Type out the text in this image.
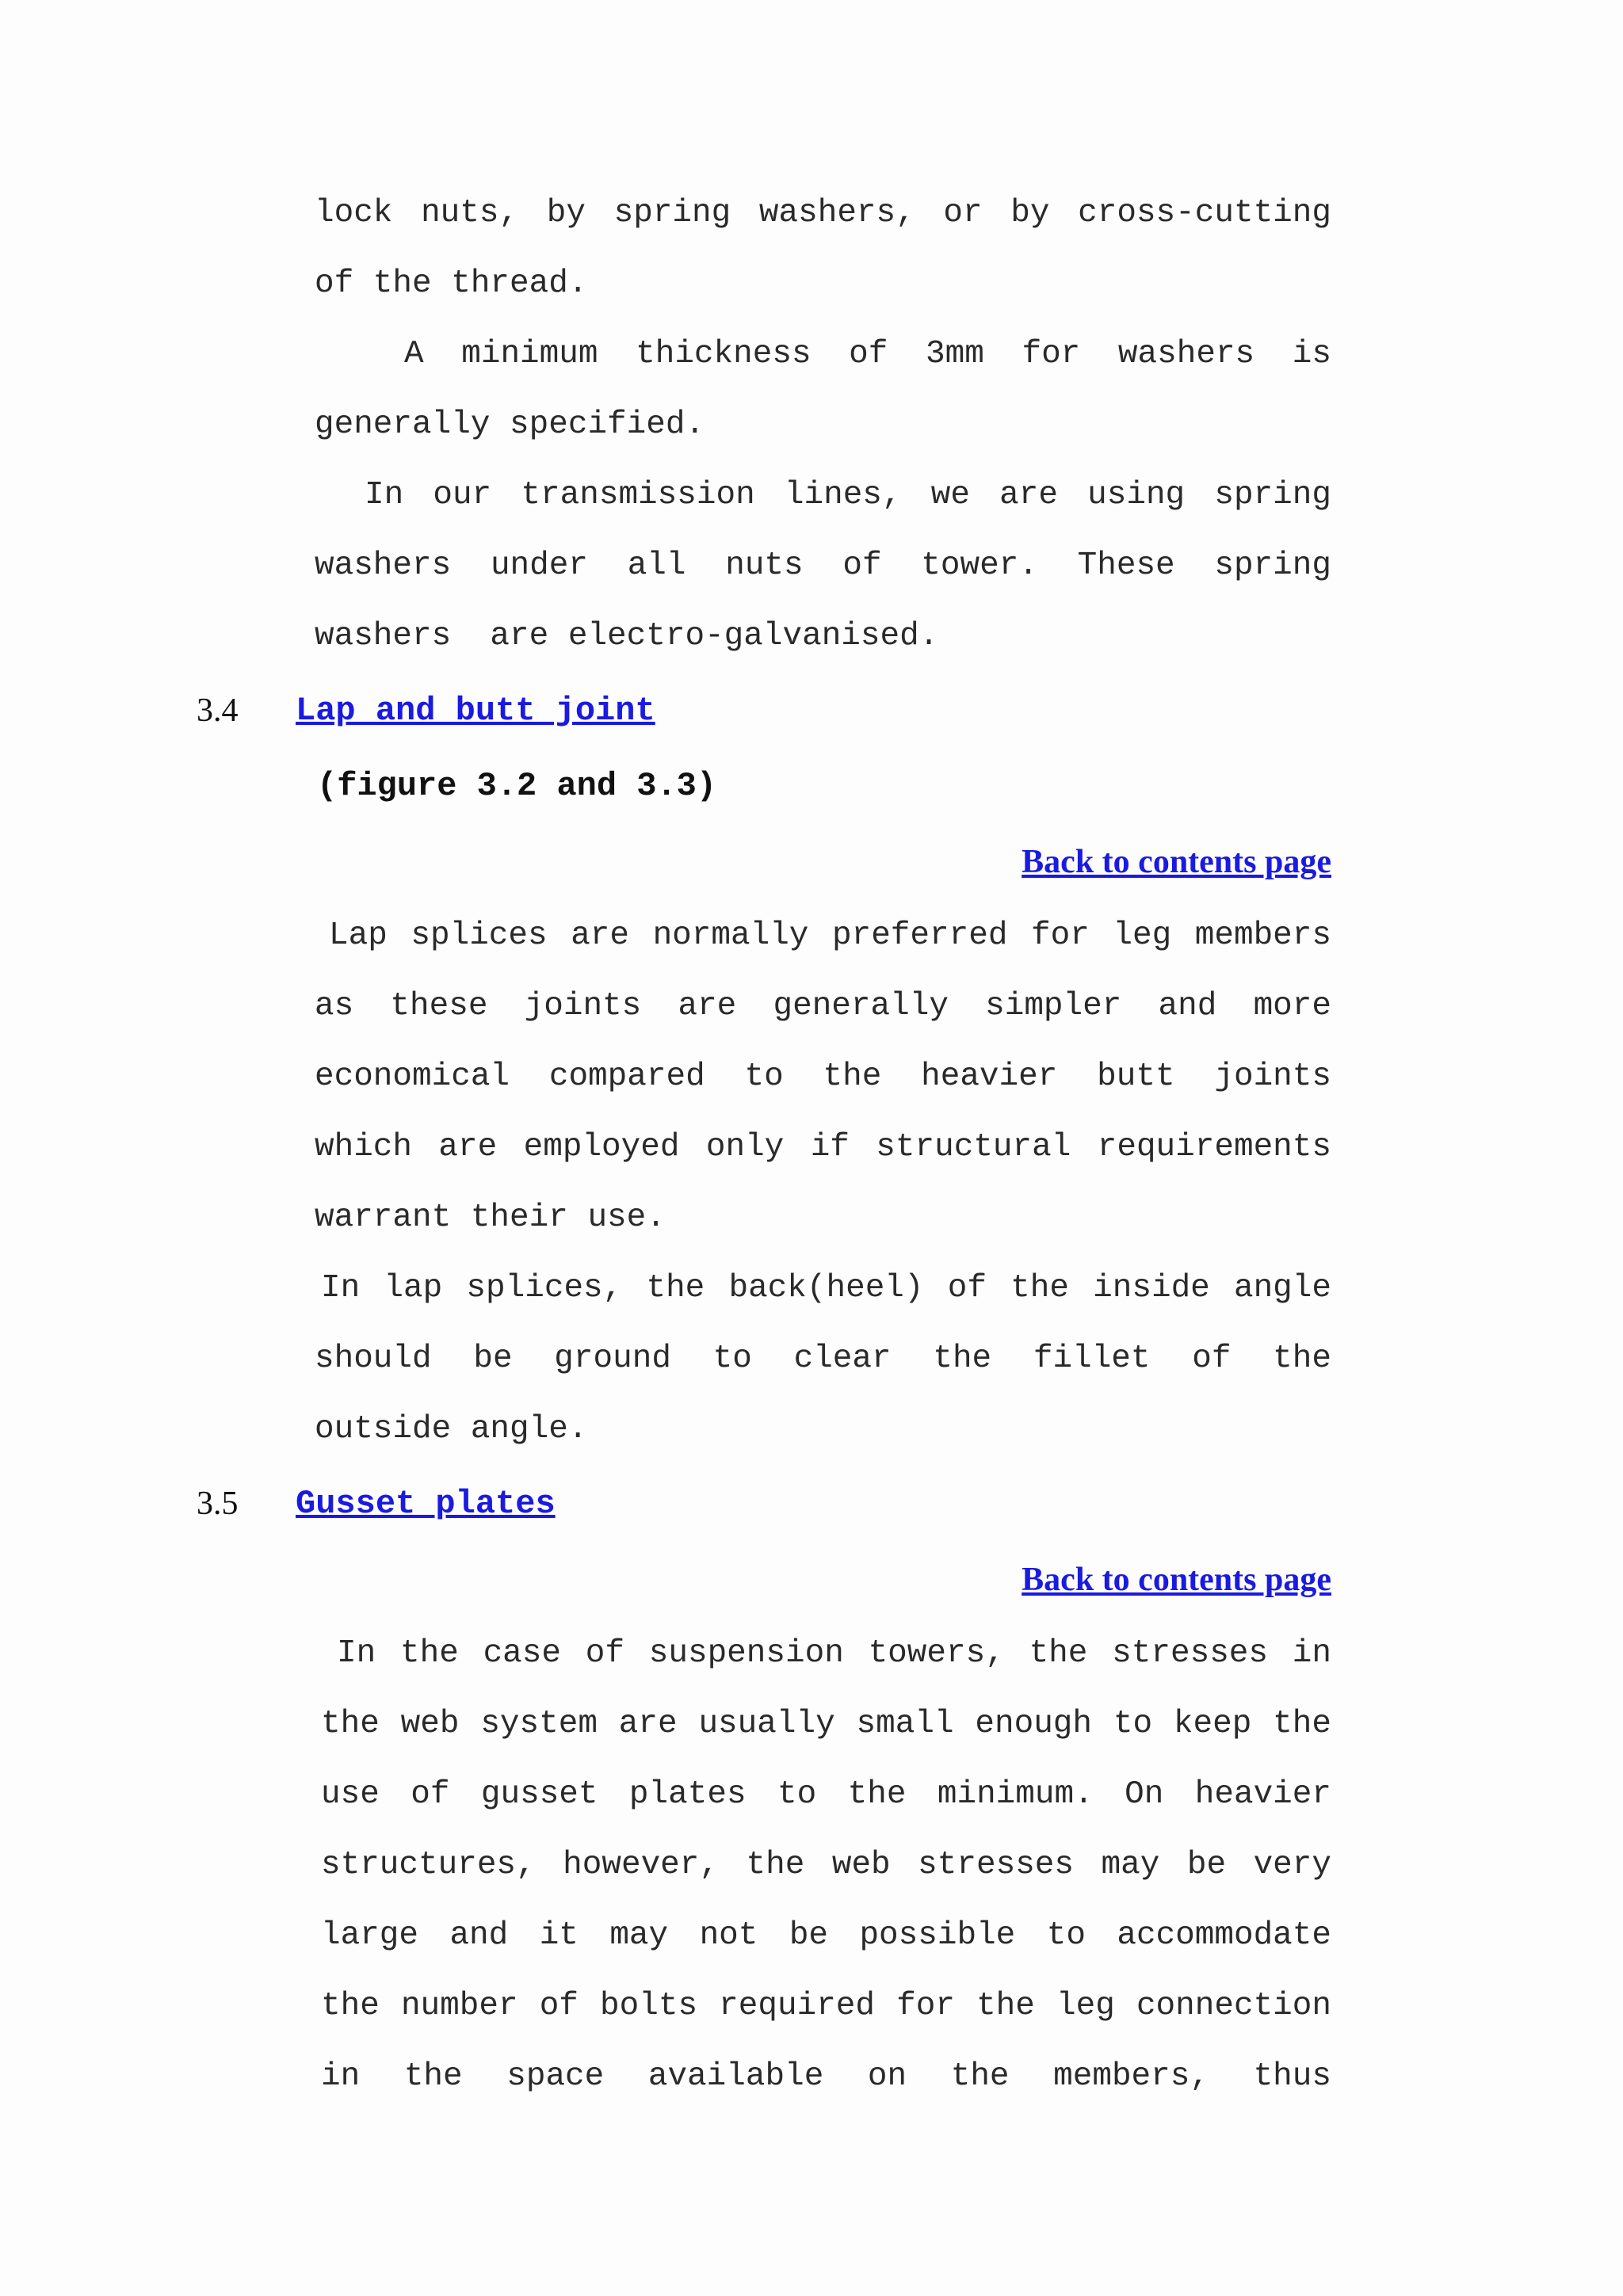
lock nuts, by spring washers, or by cross-cutting
of the thread.
A minimum thickness of 3mm for washers is
generally specified.
In our transmission lines, we are using spring
washers under all nuts of tower. These spring
washers  are electro-galvanised.
3.4 Lap and butt joint
(figure 3.2 and 3.3)
Back to contents page
Lap splices are normally preferred for leg members
as these joints are generally simpler and more
economical compared to the heavier butt joints
which are employed only if structural requirements
warrant their use.
In lap splices, the back(heel) of the inside angle
should be ground to clear the fillet of the
outside angle.
3.5 Gusset plates
Back to contents page
In the case of suspension towers, the stresses in
the web system are usually small enough to keep the
use of gusset plates to the minimum. On heavier
structures, however, the web stresses may be very
large and it may not be possible to accommodate
the number of bolts required for the leg connection
in the space available on the members, thus
